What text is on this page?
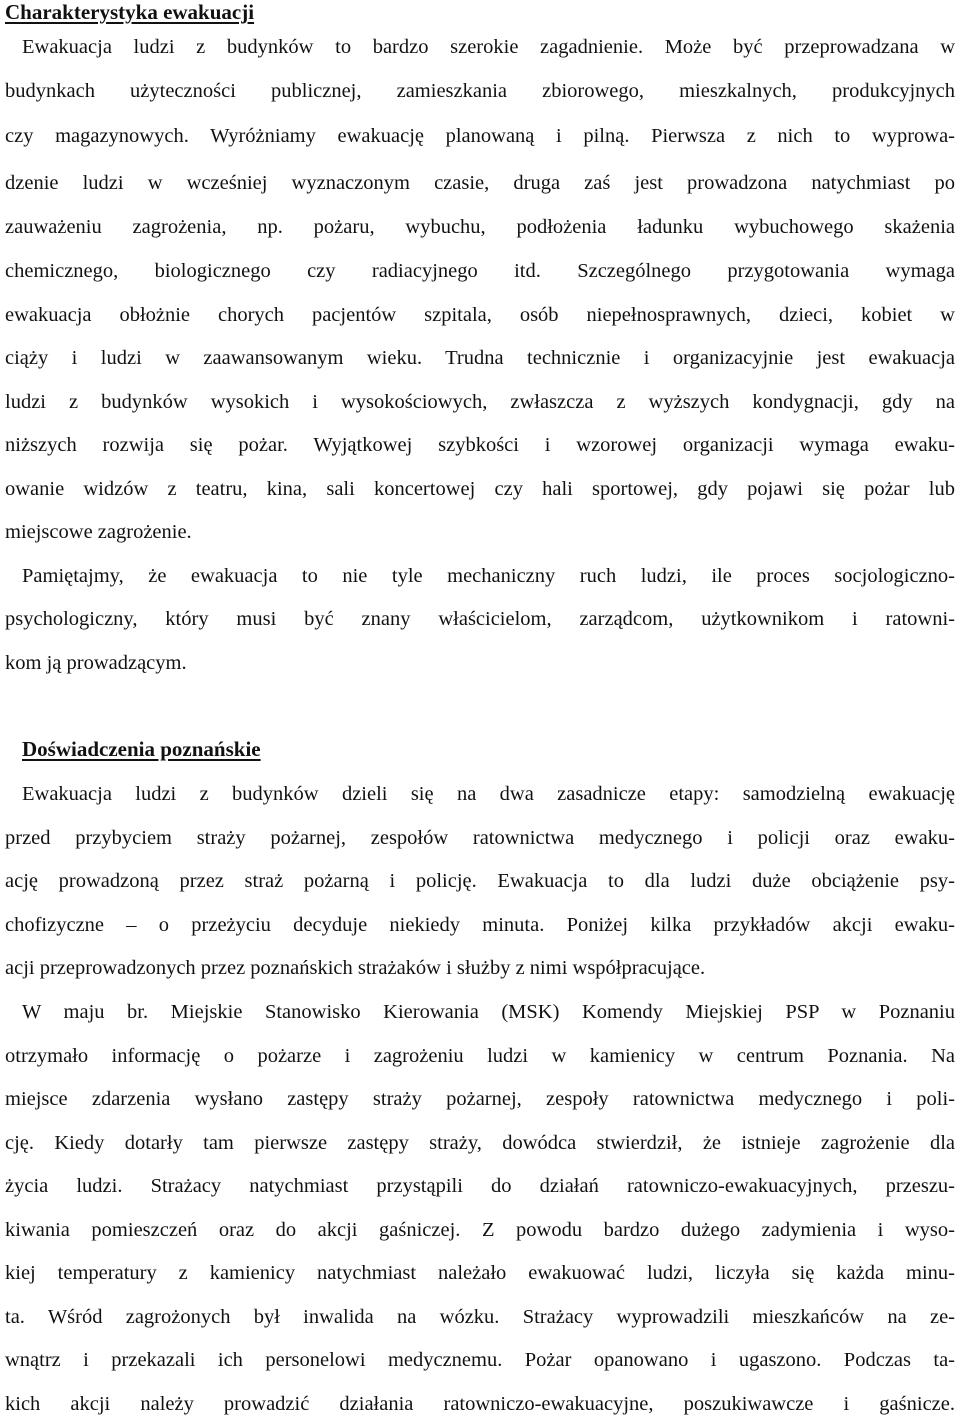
Charakterystyka ewakuacji
Ewakuacja ludzi z budynków to bardzo szerokie zagadnienie. Może być przeprowadzana w
budynkach użyteczności publicznej, zamieszkania zbiorowego, mieszkalnych, produkcyjnych
czy magazynowych. Wyróżniamy ewakuację planowaną i pilną. Pierwsza z nich to wyprowa-
dzenie ludzi w wcześniej wyznaczonym czasie, druga zaś jest prowadzona natychmiast po
zauważeniu zagrożenia, np. pożaru, wybuchu, podłożenia ładunku wybuchowego skażenia
chemicznego, biologicznego czy radiacyjnego itd. Szczególnego przygotowania wymaga
ewakuacja obłożnie chorych pacjentów szpitala, osób niepełnosprawnych, dzieci, kobiet w
ciąży i ludzi w zaawansowanym wieku. Trudna technicznie i organizacyjnie jest ewakuacja
ludzi z budynków wysokich i wysokościowych, zwłaszcza z wyższych kondygnacji, gdy na
niższych rozwija się pożar. Wyjątkowej szybkości i wzorowej organizacji wymaga ewaku-
owanie widzów z teatru, kina, sali koncertowej czy hali sportowej, gdy pojawi się pożar lub
miejscowe zagrożenie.
Pamiętajmy, że ewakuacja to nie tyle mechaniczny ruch ludzi, ile proces socjologiczno-
psychologiczny, który musi być znany właścicielom, zarządcom, użytkownikom i ratowni-
kom ją prowadzącym.
Doświadczenia poznańskie
Ewakuacja ludzi z budynków dzieli się na dwa zasadnicze etapy: samodzielną ewakuację
przed przybyciem straży pożarnej, zespołów ratownictwa medycznego i policji oraz ewaku-
ację prowadzoną przez straż pożarną i policję. Ewakuacja to dla ludzi duże obciążenie psy-
chofizyczne – o przeżyciu decyduje niekiedy minuta. Poniżej kilka przykładów akcji ewaku-
acji przeprowadzonych przez poznańskich strażaków i służby z nimi współpracujące.
W maju br. Miejskie Stanowisko Kierowania (MSK) Komendy Miejskiej PSP w Poznaniu
otrzymało informację o pożarze i zagrożeniu ludzi w kamienicy w centrum Poznania. Na
miejsce zdarzenia wysłano zastępy straży pożarnej, zespoły ratownictwa medycznego i poli-
cję. Kiedy dotarły tam pierwsze zastępy straży, dowódca stwierdził, że istnieje zagrożenie dla
życia ludzi. Strażacy natychmiast przystąpili do działań ratowniczo-ewakuacyjnych, przeszu-
kiwania pomieszczeń oraz do akcji gaśniczej. Z powodu bardzo dużego zadymienia i wyso-
kiej temperatury z kamienicy natychmiast należało ewakuować ludzi, liczyła się każda minu-
ta. Wśród zagrożonych był inwalida na wózku. Strażacy wyprowadzili mieszkańców na ze-
wnątrz i przekazali ich personelowi medycznemu. Pożar opanowano i ugaszono. Podczas ta-
kich akcji należy prowadzić działania ratowniczo-ewakuacyjne, poszukiwawcze i gaśnicze.
